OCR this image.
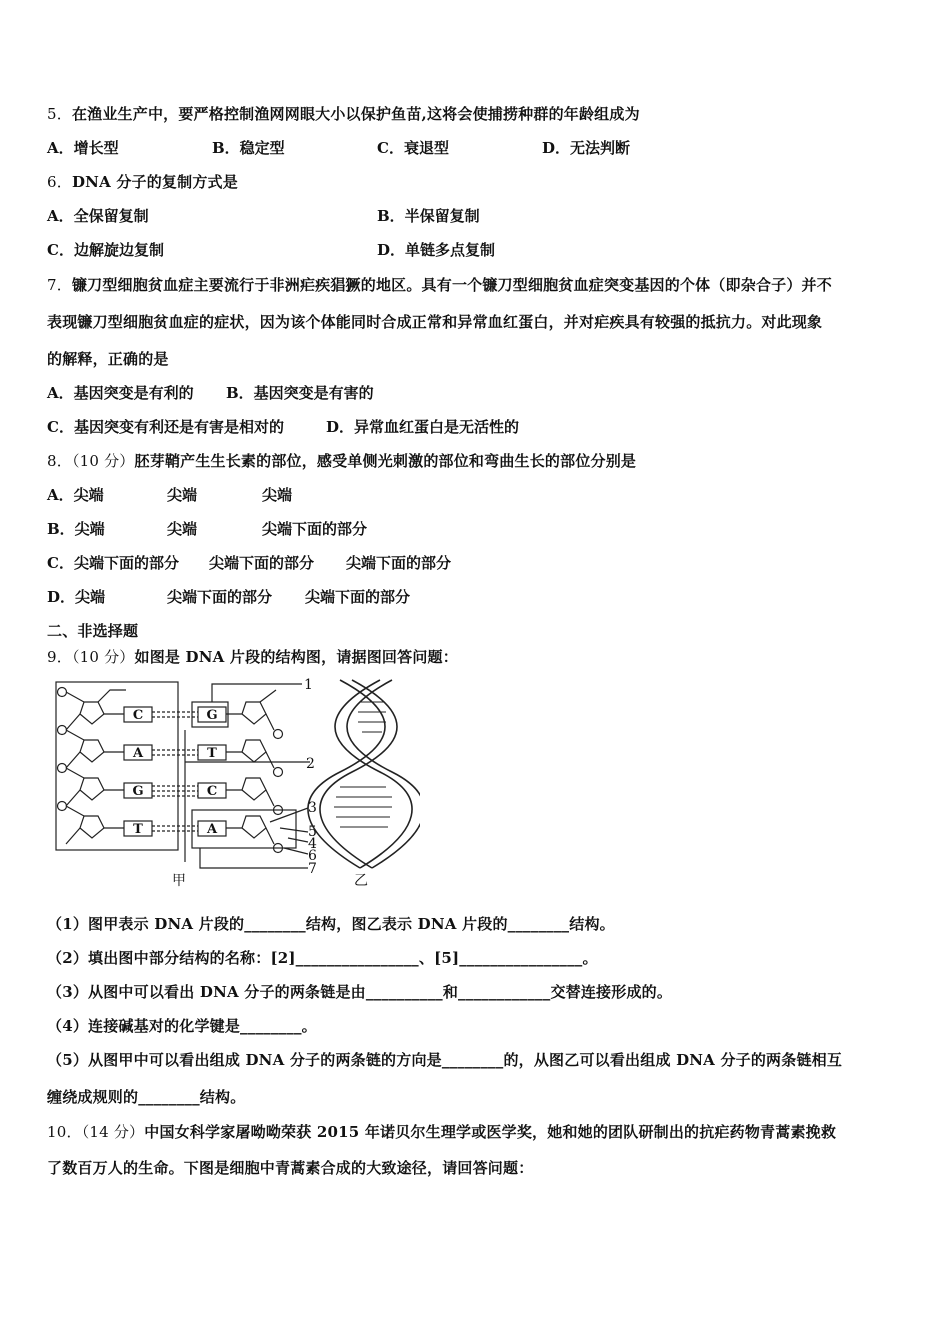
5．在渔业生产中，要严格控制渔网网眼大小以保护鱼苗,这将会使捕捞种群的年龄组成为
A．增长型	B．稳定型	C．衰退型	D．无法判断
6．DNA 分子的复制方式是
A．全保留复制	B．半保留复制
C．边解旋边复制	D．单链多点复制
7．镰刀型细胞贫血症主要流行于非洲疟疾猖獗的地区。具有一个镰刀型细胞贫血症突变基因的个体（即杂合子）并不
表现镰刀型细胞贫血症的症状，因为该个体能同时合成正常和异常血红蛋白，并对疟疾具有较强的抵抗力。对此现象
的解释，正确的是
A．基因突变是有利的 B．基因突变是有害的
C．基因突变有利还是有害是相对的	D．异常血红蛋白是无活性的
8．（10 分）胚芽鞘产生生长素的部位，感受单侧光刺激的部位和弯曲生长的部位分别是
A．尖端	尖端	尖端
B．尖端	尖端	尖端下面的部分
C．尖端下面的部分 尖端下面的部分 尖端下面的部分
D．尖端	尖端下面的部分 尖端下面的部分
二、非选择题
9．（10 分）如图是 DNA 片段的结构图，请据图回答问题：
C
A
G
T
G
T
C
A
1
2
3
5
4
6
7
甲	乙
（1）图甲表示 DNA 片段的________结构，图乙表示 DNA 片段的________结构。
（2）填出图中部分结构的名称：[2]________________、[5]________________。
（3）从图中可以看出 DNA 分子的两条链是由__________和____________交替连接形成的。
（4）连接碱基对的化学键是________。
（5）从图甲中可以看出组成 DNA 分子的两条链的方向是________的，从图乙可以看出组成 DNA 分子的两条链相互
缠绕成规则的________结构。
10．（14 分）中国女科学家屠呦呦荣获 2015 年诺贝尔生理学或医学奖，她和她的团队研制出的抗疟药物青蒿素挽救
了数百万人的生命。下图是细胞中青蒿素合成的大致途径，请回答问题：
